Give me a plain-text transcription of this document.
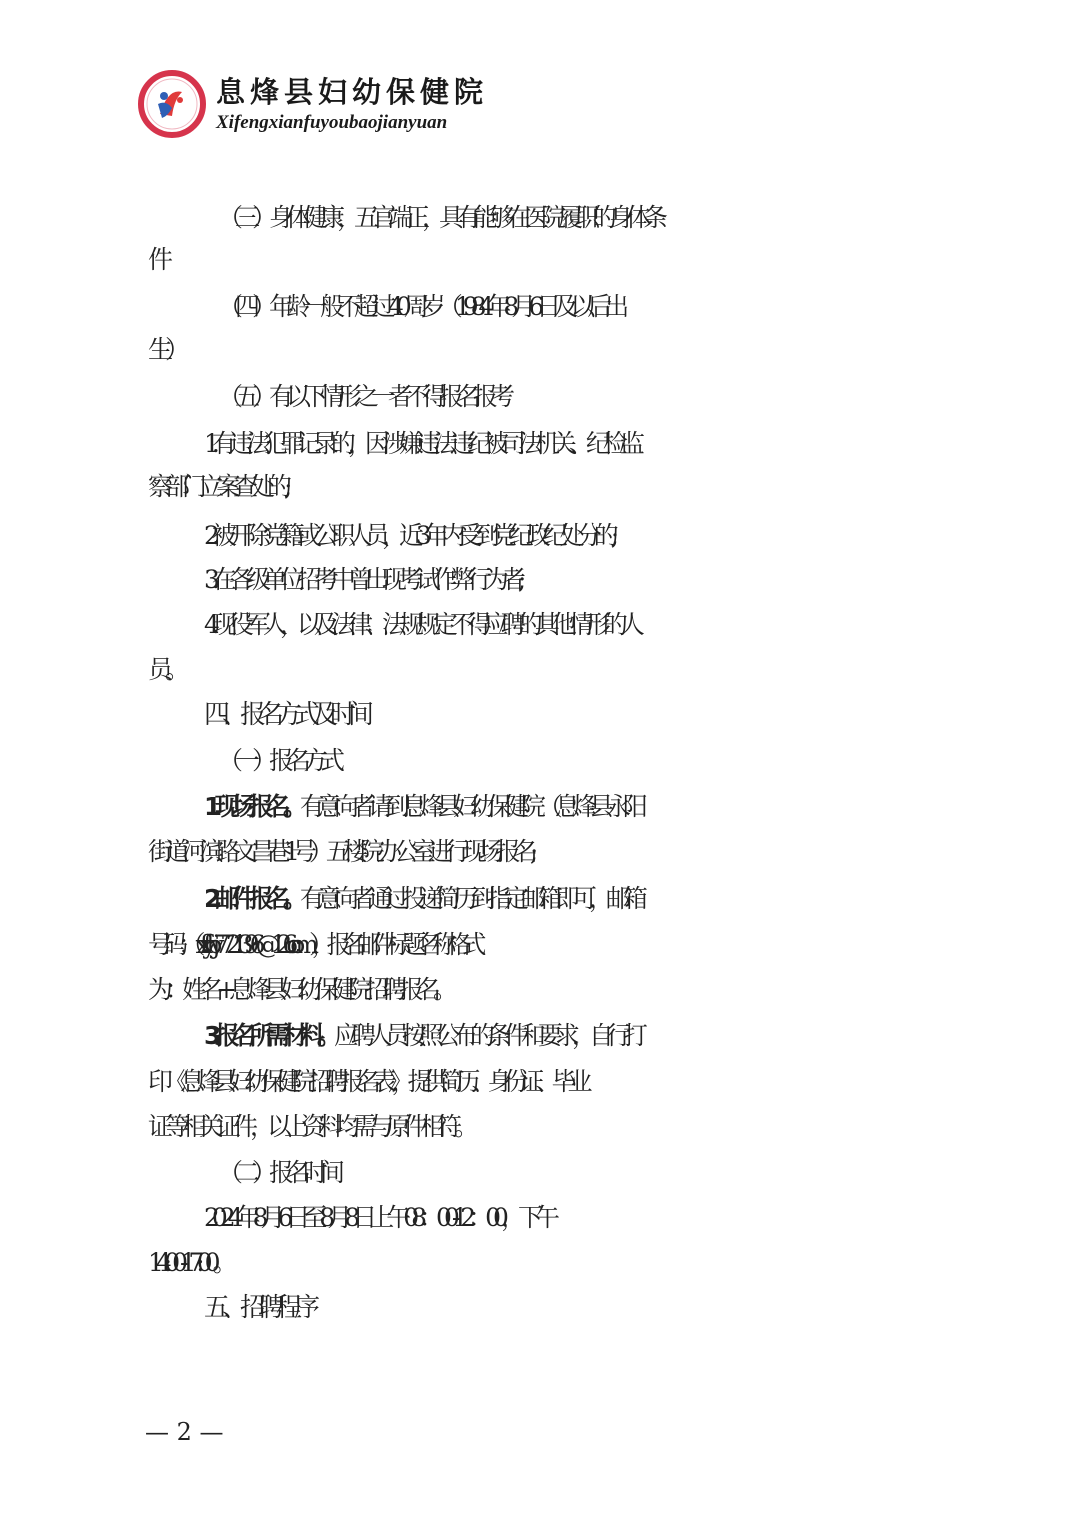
息烽县妇幼保健院
Xifengxianfuyoubaojianyuan
（三）身体健康，五官端正，具有能够在医院履职的身体条
件
（四）年龄一般不超过40周岁（1984年8月6日及以后出
生）
（五）有以下情形之一者不得报名报考
1.有违法犯罪记录的，因涉嫌违法违纪被司法机关、纪检监
察部门立案查处的;
2.被开除党籍或公职人员，近3年内受到党纪政纪处分的;
3.在各级单位招考中曾出现考试作弊行为者;
4.现役军人，以及法律、法规规定不得应聘的其他情形的人
员。
四、报名方式及时间
（一）报名方式
1.现场报名。有意向者请到息烽县妇幼保健院（息烽县永阳
街道河滨路文昌巷1号）五楼院办公室进行现场报名;
2.邮件报名。有意向者通过投递简历到指定邮箱即可，邮箱
号码：（xfxfybjy7721396@126.com），报名邮件标题名称格式
为：姓名+息烽县妇幼保健院招聘报名。
3.报名所需材料。应聘人员按照公布的条件和要求，自行打
印《息烽县妇幼保健院招聘报名表》，提供简历、身份证、毕业
证等相关证件，以上资料均需与原件相符。
（二）报名时间
2024年8月6日至8月8日上午08：00-12：00，下午
14:00-17:00。
五、招聘程序
— 2 —
